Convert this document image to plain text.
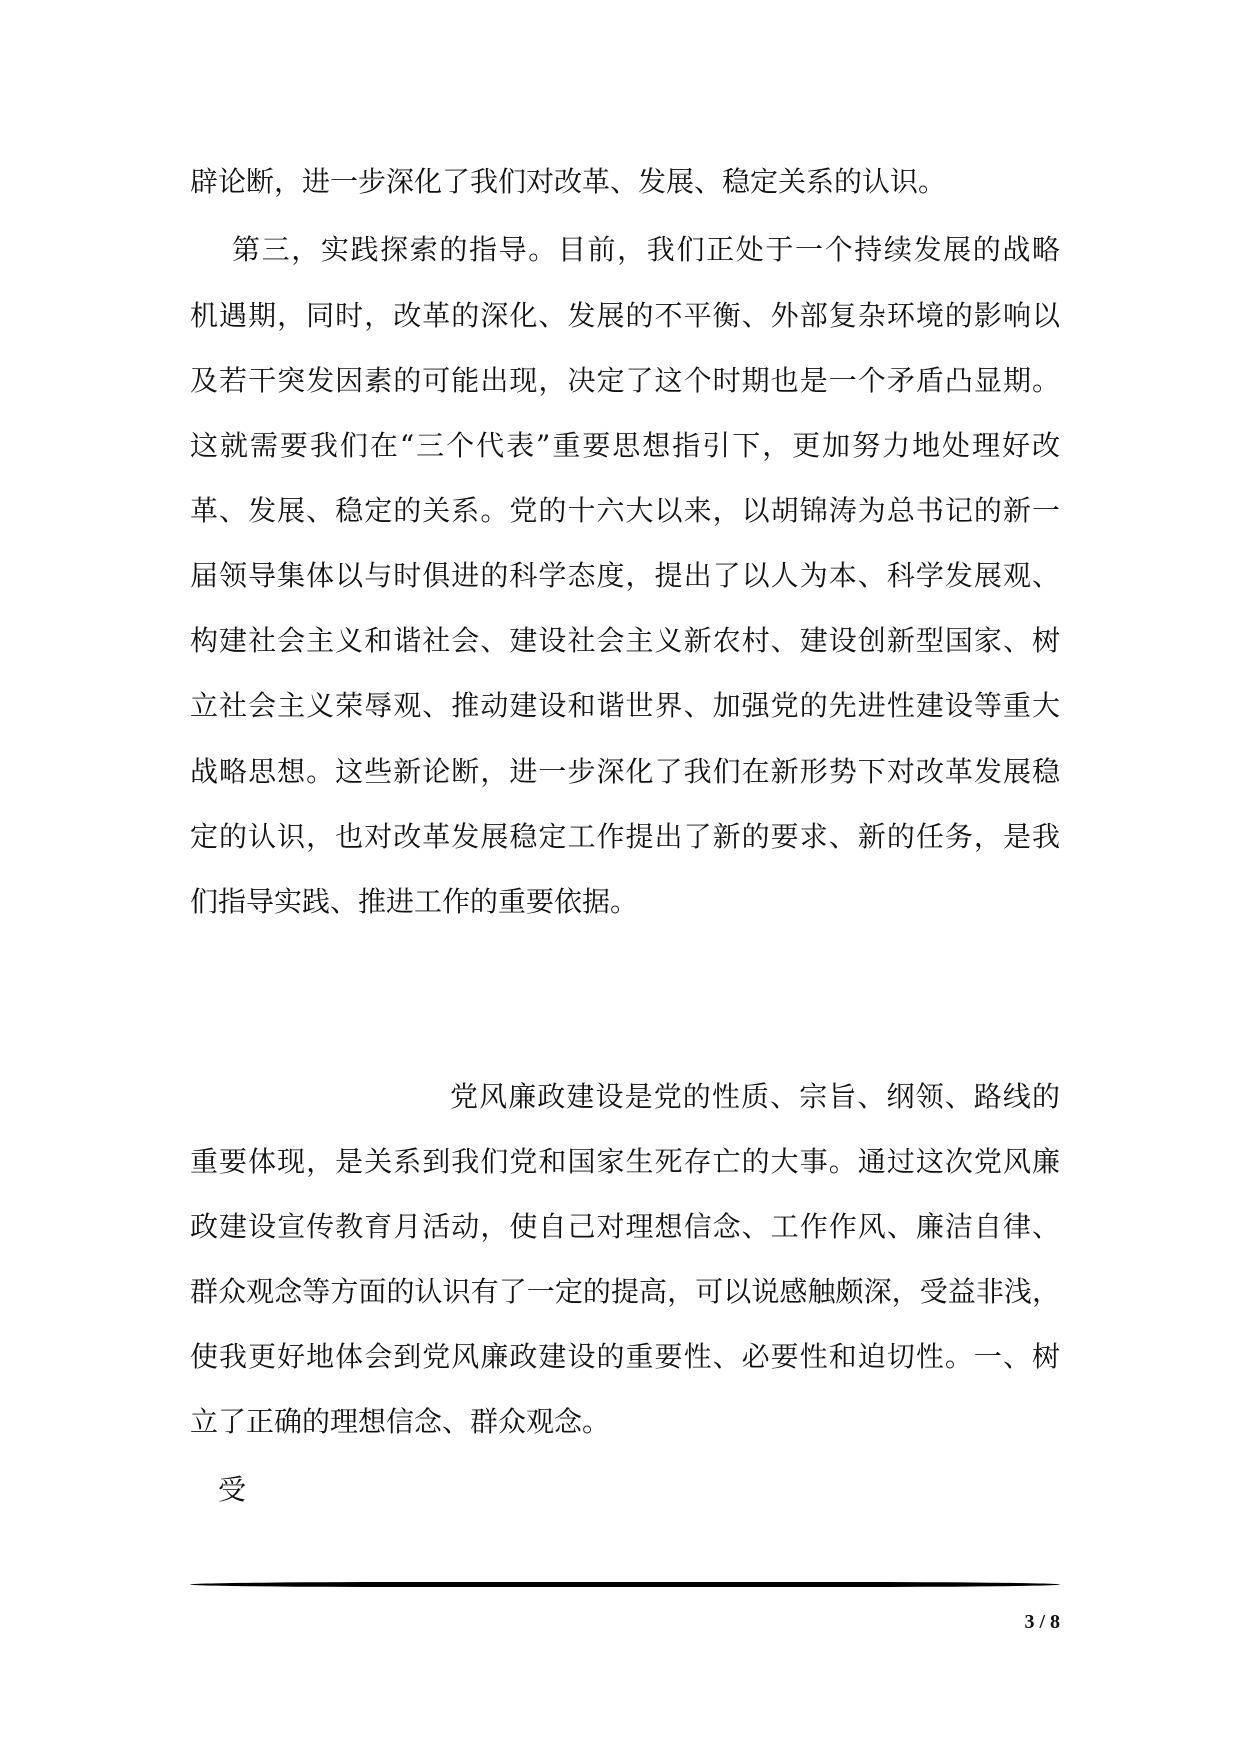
辟论断，进一步深化了我们对改革、发展、稳定关系的认识。

第三，实践探索的指导。目前，我们正处于一个持续发展的战略

机遇期，同时，改革的深化、发展的不平衡、外部复杂环境的影响以

及若干突发因素的可能出现，决定了这个时期也是一个矛盾凸显期。

这就需要我们在“三个代表”重要思想指引下，更加努力地处理好改

革、发展、稳定的关系。党的十六大以来，以胡锦涛为总书记的新一

届领导集体以与时俱进的科学态度，提出了以人为本、科学发展观、

构建社会主义和谐社会、建设社会主义新农村、建设创新型国家、树

立社会主义荣辱观、推动建设和谐世界、加强党的先进性建设等重大

战略思想。这些新论断，进一步深化了我们在新形势下对改革发展稳

定的认识，也对改革发展稳定工作提出了新的要求、新的任务，是我

们指导实践、推进工作的重要依据。

党风廉政建设是党的性质、宗旨、纲领、路线的

重要体现，是关系到我们党和国家生死存亡的大事。通过这次党风廉

政建设宣传教育月活动，使自己对理想信念、工作作风、廉洁自律、

群众观念等方面的认识有了一定的提高，可以说感触颇深，受益非浅，

使我更好地体会到党风廉政建设的重要性、必要性和迫切性。一、树

立了正确的理想信念、群众观念。

受

3 / 8
